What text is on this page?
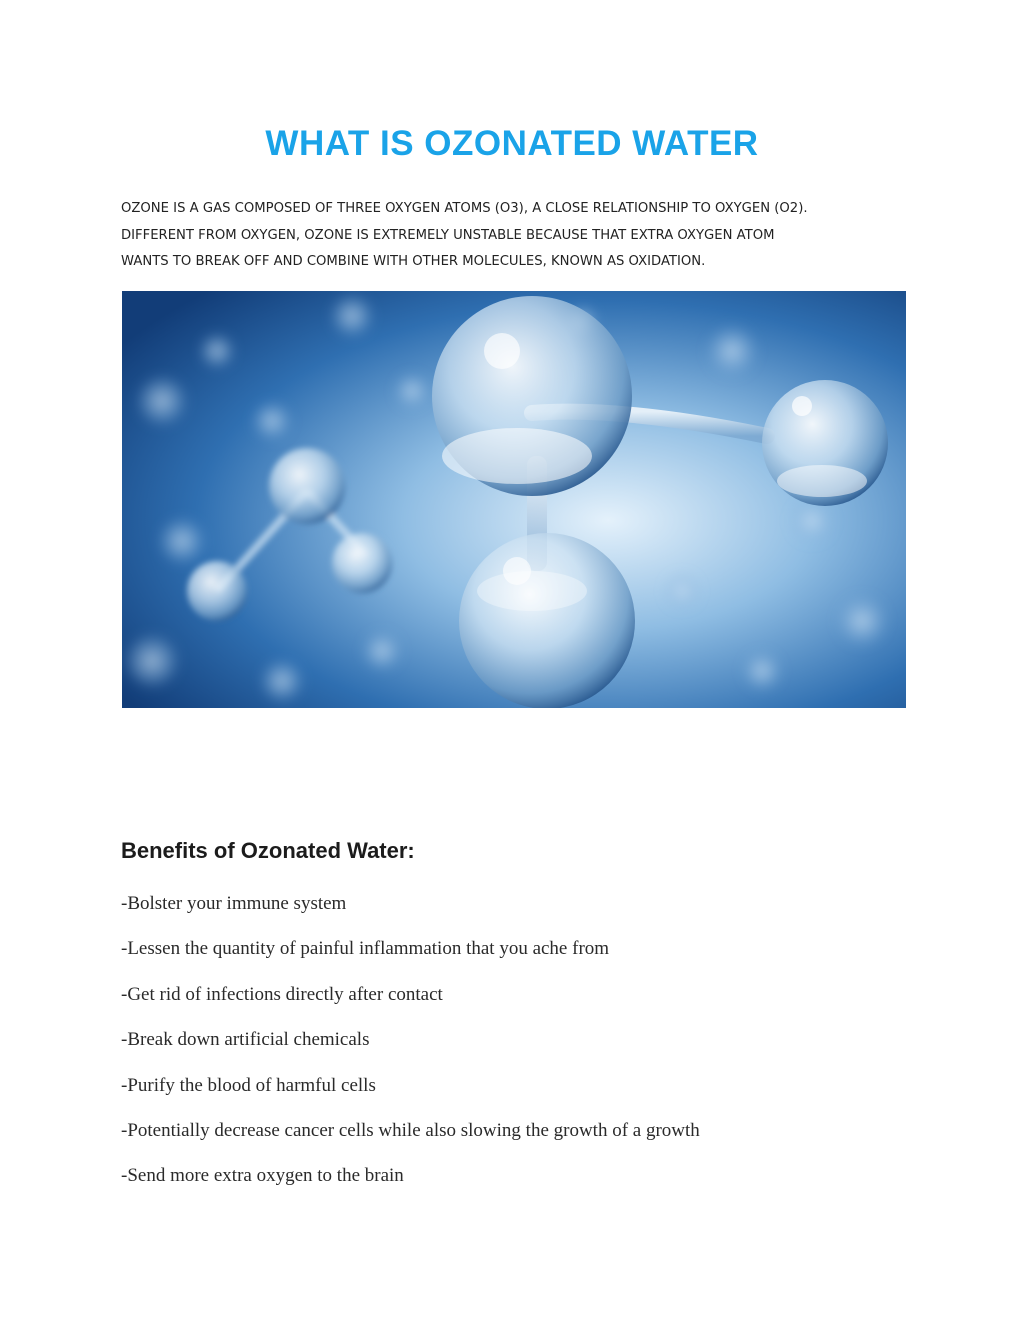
WHAT IS OZONATED WATER

OZONE IS A GAS COMPOSED OF THREE OXYGEN ATOMS (O3), A CLOSE RELATIONSHIP TO OXYGEN (O2).
DIFFERENT FROM OXYGEN, OZONE IS EXTREMELY UNSTABLE BECAUSE THAT EXTRA OXYGEN ATOM
WANTS TO BREAK OFF AND COMBINE WITH OTHER MOLECULES, KNOWN AS OXIDATION.

Benefits of Ozonated Water:
-Bolster your immune system
-Lessen the quantity of painful inflammation that you ache from
-Get rid of infections directly after contact
-Break down artificial chemicals
-Purify the blood of harmful cells
-Potentially decrease cancer cells while also slowing the growth of a growth
-Send more extra oxygen to the brain
